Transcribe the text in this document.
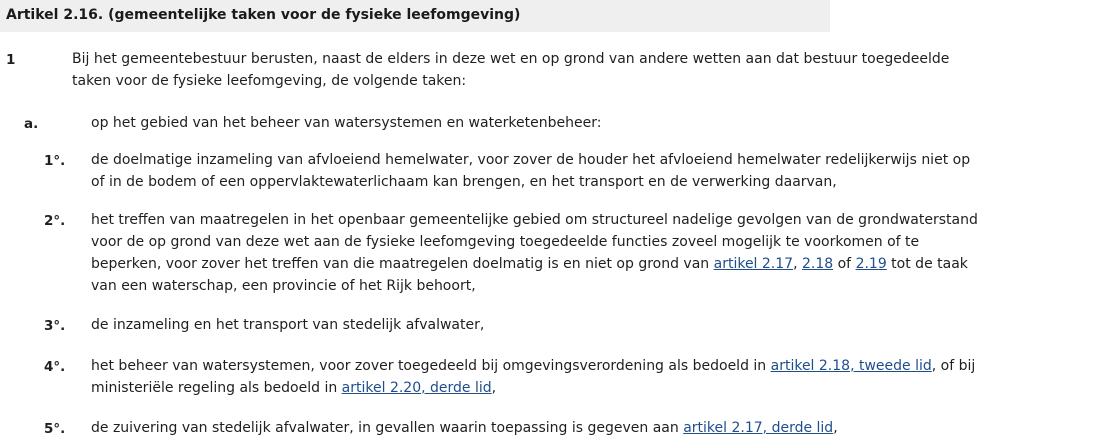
Artikel 2.16. (gemeentelijke taken voor de fysieke leefomgeving)
1	Bij het gemeentebestuur berusten, naast de elders in deze wet en op grond van andere wetten aan dat bestuur toegedeelde
taken voor de fysieke leefomgeving, de volgende taken:
a.	op het gebied van het beheer van watersystemen en waterketenbeheer:
1°. de doelmatige inzameling van afvloeiend hemelwater, voor zover de houder het afvloeiend hemelwater redelijkerwijs niet op
of in de bodem of een oppervlaktewaterlichaam kan brengen, en het transport en de verwerking daarvan,
2°. het treffen van maatregelen in het openbaar gemeentelijke gebied om structureel nadelige gevolgen van de grondwaterstand
voor de op grond van deze wet aan de fysieke leefomgeving toegedeelde functies zoveel mogelijk te voorkomen of te
beperken, voor zover het treffen van die maatregelen doelmatig is en niet op grond van artikel 2.17, 2.18 of 2.19 tot de taak
van een waterschap, een provincie of het Rijk behoort,
3°. de inzameling en het transport van stedelijk afvalwater,
4°. het beheer van watersystemen, voor zover toegedeeld bij omgevingsverordening als bedoeld in artikel 2.18, tweede lid, of bij
ministeriële regeling als bedoeld in artikel 2.20, derde lid,
5°. de zuivering van stedelijk afvalwater, in gevallen waarin toepassing is gegeven aan artikel 2.17, derde lid,
